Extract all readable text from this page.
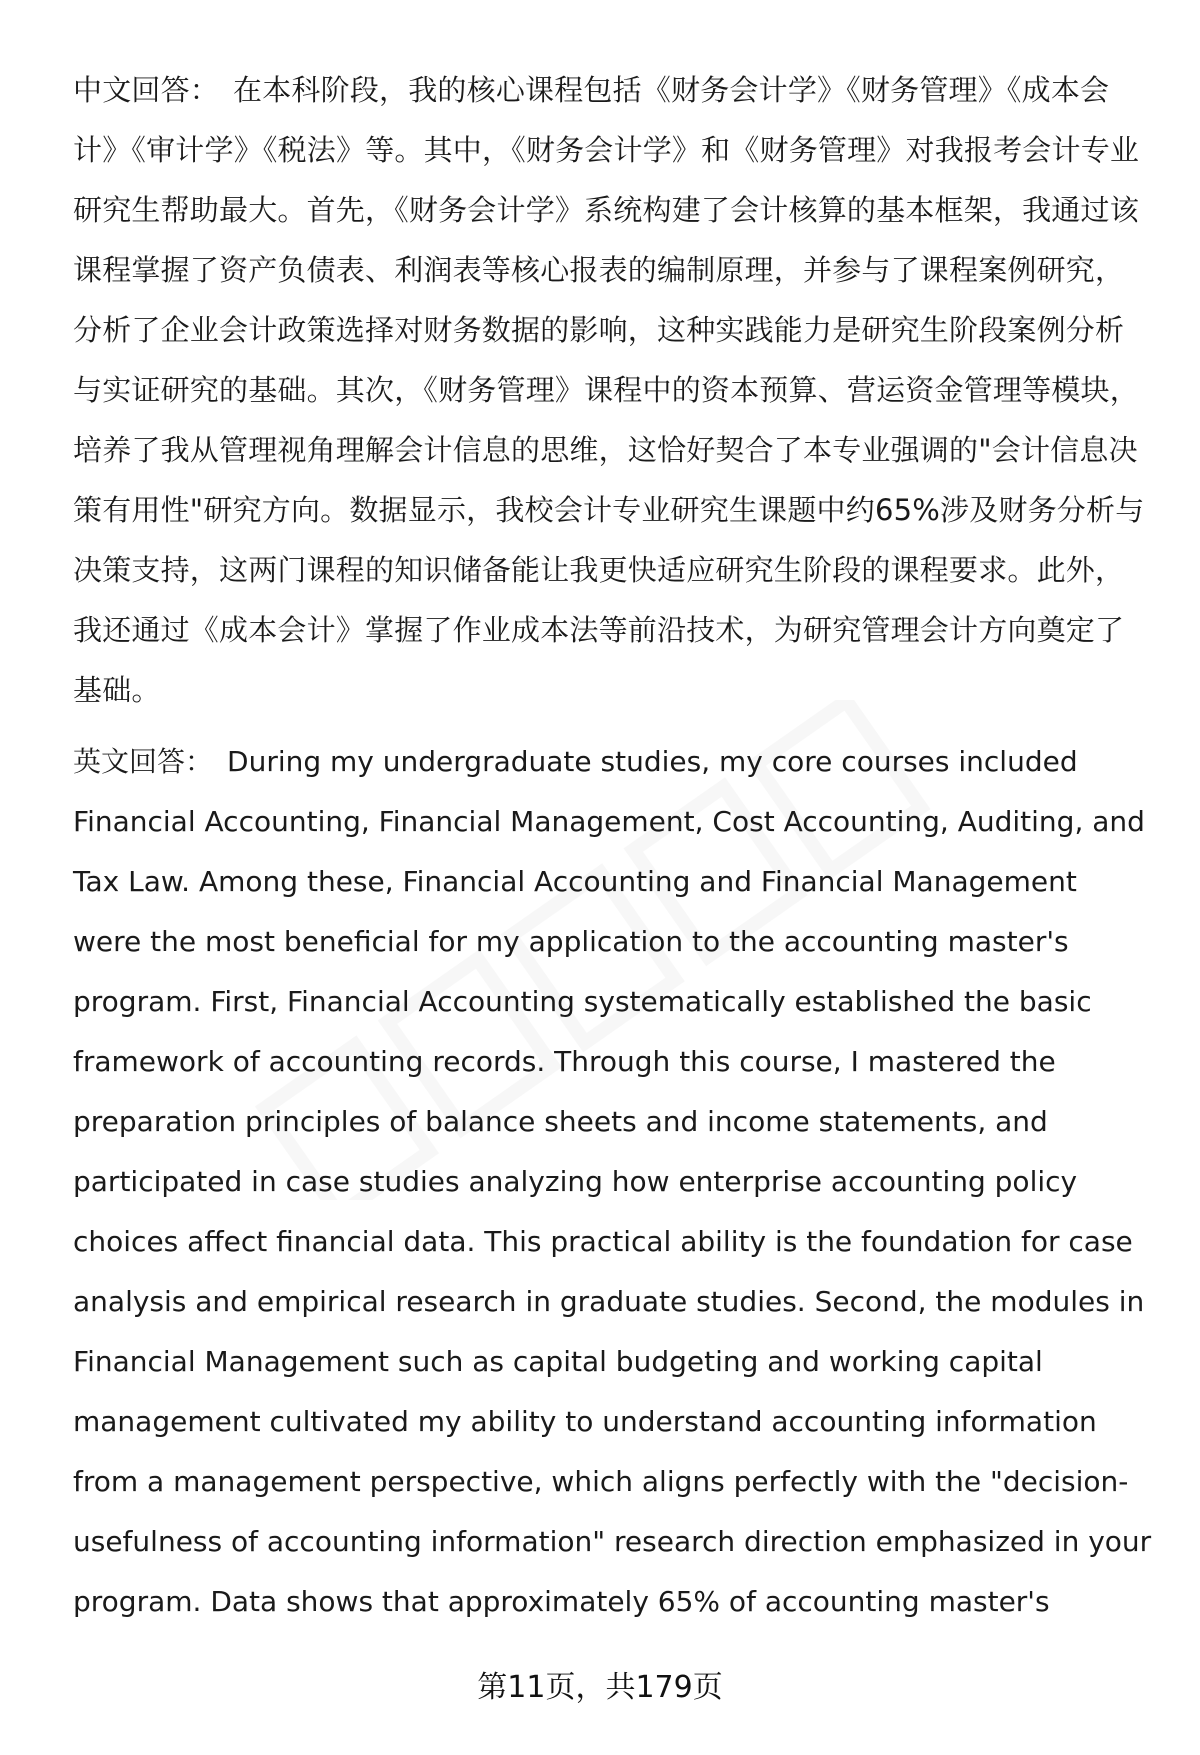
中文回答： 在本科阶段，我的核心课程包括《财务会计学》《财务管理》《成本会计》《审计学》《税法》等。其中，《财务会计学》和《财务管理》对我报考会计专业研究生帮助最大。首先，《财务会计学》系统构建了会计核算的基本框架，我通过该课程掌握了资产负债表、利润表等核心报表的编制原理，并参与了课程案例研究，分析了企业会计政策选择对财务数据的影响，这种实践能力是研究生阶段案例分析与实证研究的基础。其次，《财务管理》课程中的资本预算、营运资金管理等模块，培养了我从管理视角理解会计信息的思维，这恰好契合了本专业强调的"会计信息决策有用性"研究方向。数据显示，我校会计专业研究生课题中约65%涉及财务分析与决策支持，这两门课程的知识储备能让我更快适应研究生阶段的课程要求。此外，我还通过《成本会计》掌握了作业成本法等前沿技术，为研究管理会计方向奠定了基础。

英文回答： During my undergraduate studies, my core courses included Financial Accounting, Financial Management, Cost Accounting, Auditing, and Tax Law. Among these, Financial Accounting and Financial Management were the most beneficial for my application to the accounting master's program. First, Financial Accounting systematically established the basic framework of accounting records. Through this course, I mastered the preparation principles of balance sheets and income statements, and participated in case studies analyzing how enterprise accounting policy choices affect financial data. This practical ability is the foundation for case analysis and empirical research in graduate studies. Second, the modules in Financial Management such as capital budgeting and working capital management cultivated my ability to understand accounting information from a management perspective, which aligns perfectly with the "decision-usefulness of accounting information" research direction emphasized in your program. Data shows that approximately 65% of accounting master's

第11页，共179页
